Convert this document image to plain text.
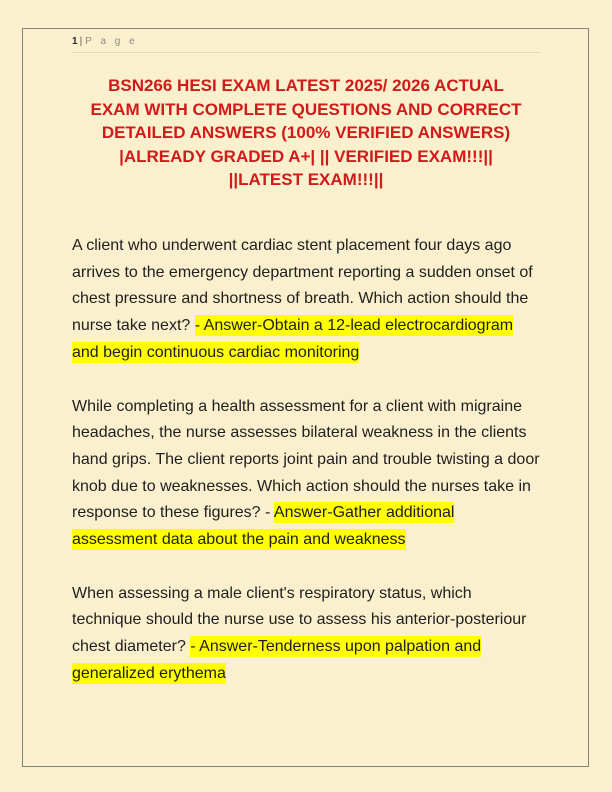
1 | P a g e
BSN266 HESI EXAM LATEST 2025/ 2026 ACTUAL
EXAM WITH COMPLETE QUESTIONS AND CORRECT
DETAILED ANSWERS (100% VERIFIED ANSWERS)
|ALREADY GRADED A+| || VERIFIED EXAM!!!||
||LATEST EXAM!!!||

A client who underwent cardiac stent placement four days ago arrives to the emergency department reporting a sudden onset of chest pressure and shortness of breath. Which action should the nurse take next? - Answer-Obtain a 12-lead electrocardiogram and begin continuous cardiac monitoring

While completing a health assessment for a client with migraine headaches, the nurse assesses bilateral weakness in the clients hand grips. The client reports joint pain and trouble twisting a door knob due to weaknesses. Which action should the nurses take in response to these figures? - Answer-Gather additional assessment data about the pain and weakness

When assessing a male client's respiratory status, which technique should the nurse use to assess his anterior-posteriour chest diameter? - Answer-Tenderness upon palpation and generalized erythema
